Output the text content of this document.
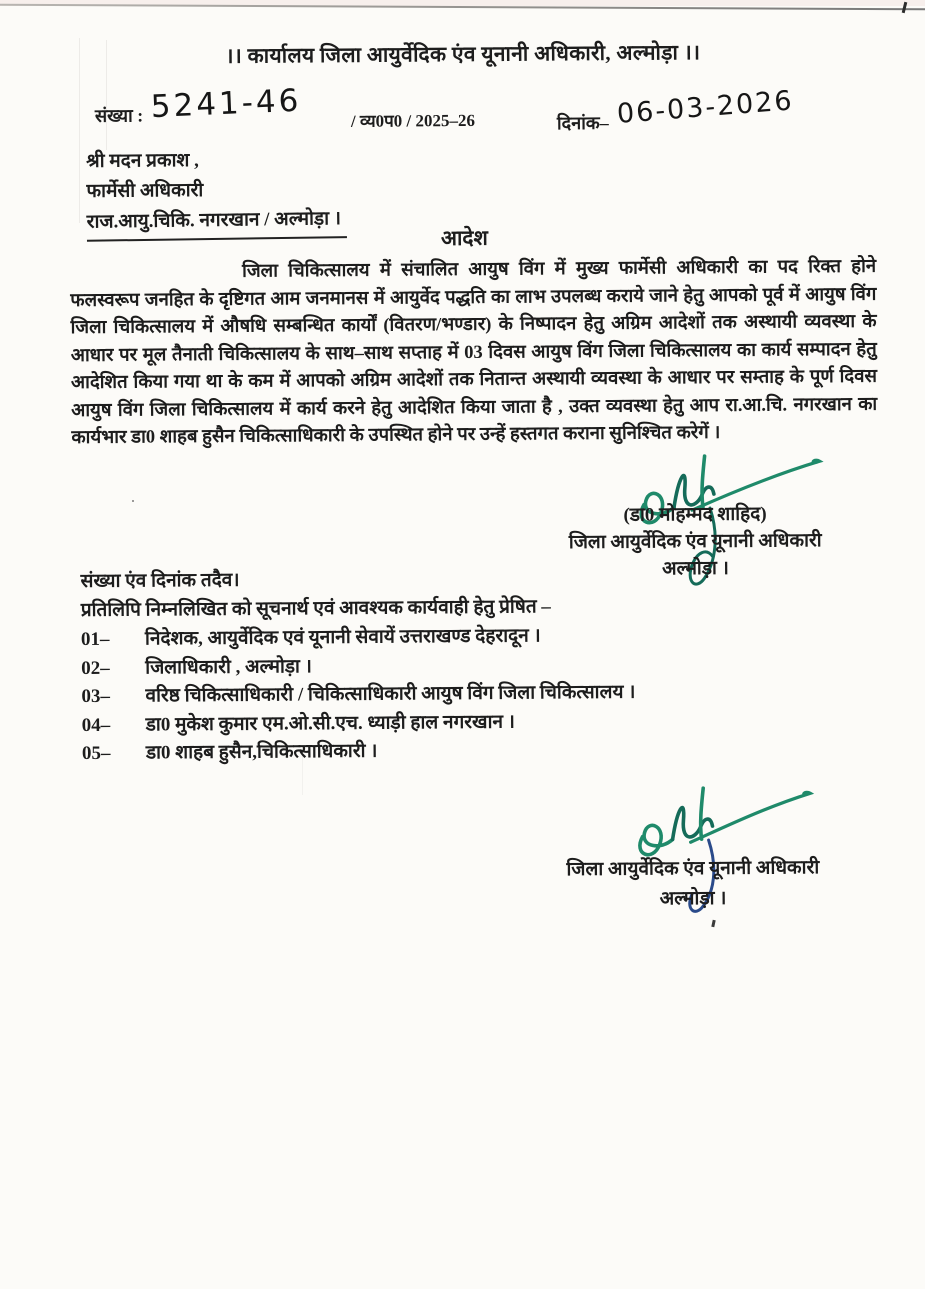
।। कार्यालय जिला आयुर्वेदिक एंव यूनानी अधिकारी, अल्मोड़ा ।।
संख्या : 5241-46	/ व्य0प0 / 2025–26	दिनांक– 06-03-2026
श्री मदन प्रकाश ,
फार्मेसी अधिकारी
राज.आयु.चिकि. नगरखान / अल्मोड़ा ।
आदेश
जिला चिकित्सालय में संचालित आयुष विंग में मुख्य फार्मेसी अधिकारी का पद रिक्त होने फलस्वरूप जनहित के दृष्टिगत आम जनमानस में आयुर्वेद पद्धति का लाभ उपलब्ध कराये जाने हेतु आपको पूर्व में आयुष विंग जिला चिकित्सालय में औषधि सम्बन्धित कार्यों (वितरण/भण्डार) के निष्पादन हेतु अग्रिम आदेशों तक अस्थायी व्यवस्था के आधार पर मूल तैनाती चिकित्सालय के साथ–साथ सप्ताह में 03 दिवस आयुष विंग जिला चिकित्सालय का कार्य सम्पादन हेतु आदेशित किया गया था के कम में आपको अग्रिम आदेशों तक नितान्त अस्थायी व्यवस्था के आधार पर सम्ताह के पूर्ण दिवस आयुष विंग जिला चिकित्सालय में कार्य करने हेतु आदेशित किया जाता है , उक्त व्यवस्था हेतु आप रा.आ.चि. नगरखान का कार्यभार डा0 शाहब हुसैन चिकित्साधिकारी के उपस्थित होने पर उन्हें हस्तगत कराना सुनिश्चित करेगें ।
(डा0 मोहम्मद शाहिद)
जिला आयुर्वेदिक एंव यूनानी अधिकारी
अल्मोड़ा ।
संख्या एंव दिनांक तदैव।
प्रतिलिपि निम्नलिखित को सूचनार्थ एवं आवश्यक कार्यवाही हेतु प्रेषित –
01–	निदेशक, आयुर्वेदिक एवं यूनानी सेवायें उत्तराखण्ड देहरादून ।
02–	जिलाधिकारी , अल्मोड़ा ।
03–	वरिष्ठ चिकित्साधिकारी / चिकित्साधिकारी आयुष विंग जिला चिकित्सालय ।
04–	डा0 मुकेश कुमार एम.ओ.सी.एच. ध्याड़ी हाल नगरखान ।
05–	डा0 शाहब हुसैन,चिकित्साधिकारी ।
जिला आयुर्वेदिक एंव यूनानी अधिकारी
अल्मोड़ा ।
